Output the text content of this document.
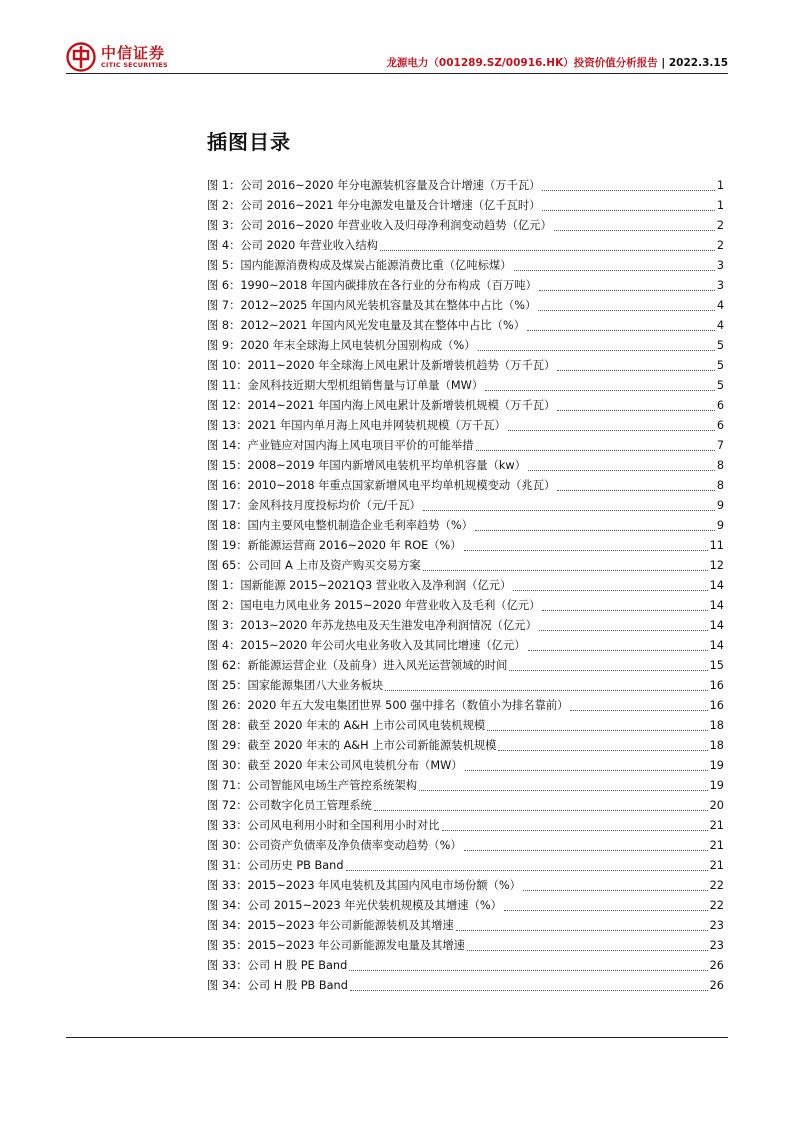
中信证券
CITIC SECURITIES	龙源电力（001289.SZ/00916.HK）投资价值分析报告 | 2022.3.15
插图目录
图 1：公司 2016~2020 年分电源装机容量及合计增速（万千瓦）	1
图 2：公司 2016~2021 年分电源发电量及合计增速（亿千瓦时）	1
图 3：公司 2016~2020 年营业收入及归母净利润变动趋势（亿元）	2
图 4：公司 2020 年营业收入结构	2
图 5：国内能源消费构成及煤炭占能源消费比重（亿吨标煤）	3
图 6：1990~2018 年国内碳排放在各行业的分布构成（百万吨）	3
图 7：2012~2025 年国内风光装机容量及其在整体中占比（%）	4
图 8：2012~2021 年国内风光发电量及其在整体中占比（%）	4
图 9：2020 年末全球海上风电装机分国别构成（%）	5
图 10：2011~2020 年全球海上风电累计及新增装机趋势（万千瓦）	5
图 11：金风科技近期大型机组销售量与订单量（MW）	5
图 12：2014~2021 年国内海上风电累计及新增装机规模（万千瓦）	6
图 13：2021 年国内单月海上风电并网装机规模（万千瓦）	6
图 14：产业链应对国内海上风电项目平价的可能举措	7
图 15：2008~2019 年国内新增风电装机平均单机容量（kw）	8
图 16：2010~2018 年重点国家新增风电平均单机规模变动（兆瓦）	8
图 17：金风科技月度投标均价（元/千瓦）	9
图 18：国内主要风电整机制造企业毛利率趋势（%）	9
图 19：新能源运营商 2016~2020 年 ROE（%）	11
图 65：公司回 A 上市及资产购买交易方案	12
图 1：国新能源 2015~2021Q3 营业收入及净利润（亿元）	14
图 2：国电电力风电业务 2015~2020 年营业收入及毛利（亿元）	14
图 3：2013~2020 年苏龙热电及天生港发电净利润情况（亿元）	14
图 4：2015~2020 年公司火电业务收入及其同比增速（亿元）	14
图 62：新能源运营企业（及前身）进入风光运营领域的时间	15
图 25：国家能源集团八大业务板块	16
图 26：2020 年五大发电集团世界 500 强中排名（数值小为排名靠前）	16
图 28：截至 2020 年末的 A&H 上市公司风电装机规模	18
图 29：截至 2020 年末的 A&H 上市公司新能源装机规模	18
图 30：截至 2020 年末公司风电装机分布（MW）	19
图 71：公司智能风电场生产管控系统架构	19
图 72：公司数字化员工管理系统	20
图 33：公司风电利用小时和全国利用小时对比	21
图 30：公司资产负债率及净负债率变动趋势（%）	21
图 31：公司历史 PB Band	21
图 33：2015~2023 年风电装机及其国内风电市场份额（%）	22
图 34：公司 2015~2023 年光伏装机规模及其增速（%）	22
图 34：2015~2023 年公司新能源装机及其增速	23
图 35：2015~2023 年公司新能源发电量及其增速	23
图 33：公司 H 股 PE Band	26
图 34：公司 H 股 PB Band	26
